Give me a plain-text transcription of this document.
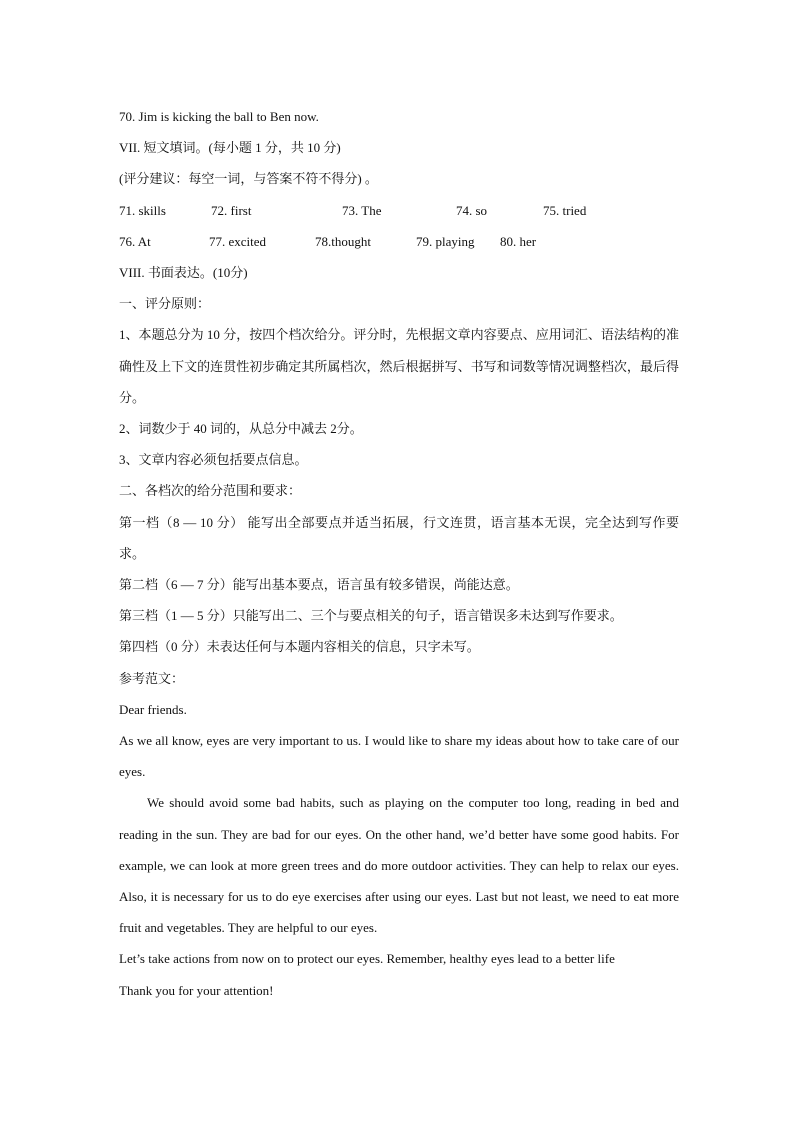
70. Jim is kicking the ball to Ben now.
VII. 短文填词。(每小题 1 分，共 10 分)
(评分建议：每空一词，与答案不符不得分) 。
71. skills	72. first	73. The	74. so	75. tried
76. At	77. excited	78.thought	79. playing	80. her
VIII. 书面表达。(10分)
一、评分原则：
1、本题总分为 10 分，按四个档次给分。评分时，先根据文章内容要点、应用词汇、语法结构的准确性及上下文的连贯性初步确定其所属档次，然后根据拼写、书写和词数等情况调整档次，最后得分。
2、词数少于 40 词的，从总分中减去 2分。
3、文章内容必须包括要点信息。
二、各档次的给分范围和要求：
第一档（8 — 10 分） 能写出全部要点并适当拓展，行文连贯，语言基本无误，完全达到写作要求。
第二档（6 — 7 分）能写出基本要点，语言虽有较多错误，尚能达意。
第三档（1 — 5 分）只能写出二、三个与要点相关的句子，语言错误多未达到写作要求。
第四档（0 分）未表达任何与本题内容相关的信息，只字未写。
参考范文：
Dear friends.
As we all know, eyes are very important to us. I would like to share my ideas about how to take care of our eyes.
We should avoid some bad habits, such as playing on the computer too long, reading in bed and reading in the sun. They are bad for our eyes. On the other hand, we’d better have some good habits. For example, we can look at more green trees and do more outdoor activities. They can help to relax our eyes. Also, it is necessary for us to do eye exercises after using our eyes. Last but not least, we need to eat more fruit and vegetables. They are helpful to our eyes.
Let’s take actions from now on to protect our eyes. Remember, healthy eyes lead to a better life
Thank you for your attention!
